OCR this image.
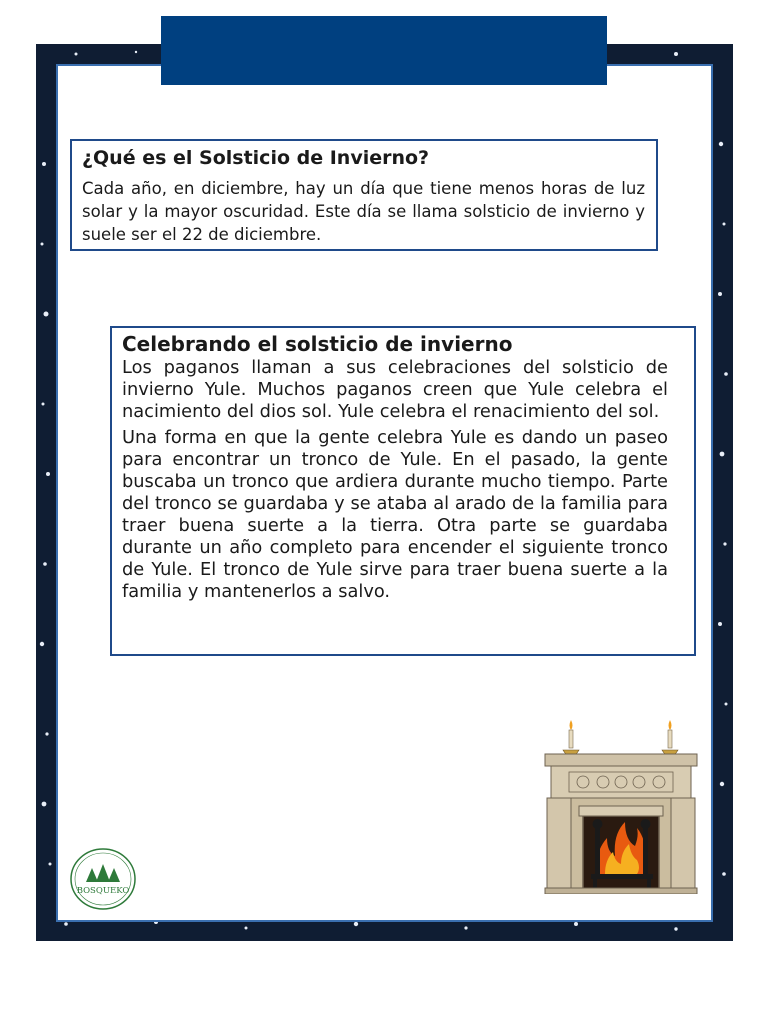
¿Qué es el Solsticio de Invierno?

Cada año, en diciembre, hay un día que tiene menos horas de luz solar y la mayor oscuridad. Este día se llama solsticio de invierno y suele ser el 22 de diciembre.

Celebrando el solsticio de invierno

Los paganos llaman a sus celebraciones del solsticio de invierno Yule. Muchos paganos creen que Yule celebra el nacimiento del dios sol. Yule celebra el renacimiento del sol.

Una forma en que la gente celebra Yule es dando un paseo para encontrar un tronco de Yule. En el pasado, la gente buscaba un tronco que ardiera durante mucho tiempo. Parte del tronco se guardaba y se ataba al arado de la familia para traer buena suerte a la tierra. Otra parte se guardaba durante un año completo para encender el siguiente tronco de Yule. El tronco de Yule sirve para traer buena suerte a la familia y mantenerlos a salvo.

BOSQUEKO
